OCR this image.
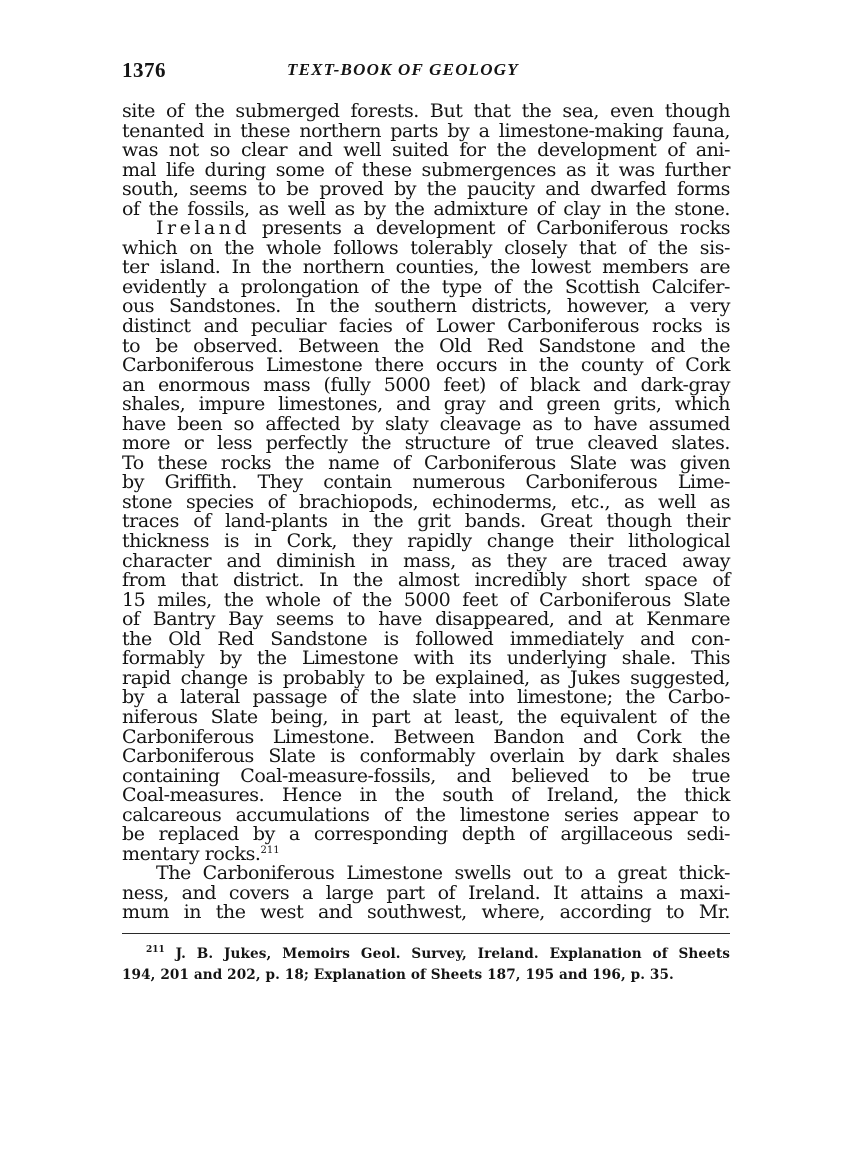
1376	TEXT-BOOK OF GEOLOGY

site of the submerged forests. But that the sea, even though

tenanted in these northern parts by a limestone-making fauna,

was not so clear and well suited for the development of ani-

mal life during some of these submergences as it was further

south, seems to be proved by the paucity and dwarfed forms

of the fossils, as well as by the admixture of clay in the stone.

Ireland presents a development of Carboniferous rocks

which on the whole follows tolerably closely that of the sis-

ter island. In the northern counties, the lowest members are

evidently a prolongation of the type of the Scottish Calcifer-

ous Sandstones. In the southern districts, however, a very

distinct and peculiar facies of Lower Carboniferous rocks is

to be observed. Between the Old Red Sandstone and the

Carboniferous Limestone there occurs in the county of Cork

an enormous mass (fully 5000 feet) of black and dark-gray

shales, impure limestones, and gray and green grits, which

have been so affected by slaty cleavage as to have assumed

more or less perfectly the structure of true cleaved slates.

To these rocks the name of Carboniferous Slate was given

by Griffith. They contain numerous Carboniferous Lime-

stone species of brachiopods, echinoderms, etc., as well as

traces of land-plants in the grit bands. Great though their

thickness is in Cork, they rapidly change their lithological

character and diminish in mass, as they are traced away

from that district. In the almost incredibly short space of

15 miles, the whole of the 5000 feet of Carboniferous Slate

of Bantry Bay seems to have disappeared, and at Kenmare

the Old Red Sandstone is followed immediately and con-

formably by the Limestone with its underlying shale. This

rapid change is probably to be explained, as Jukes suggested,

by a lateral passage of the slate into limestone; the Carbo-

niferous Slate being, in part at least, the equivalent of the

Carboniferous Limestone. Between Bandon and Cork the

Carboniferous Slate is conformably overlain by dark shales

containing Coal-measure-fossils, and believed to be true

Coal-measures. Hence in the south of Ireland, the thick

calcareous accumulations of the limestone series appear to

be replaced by a corresponding depth of argillaceous sedi-

mentary rocks.$^{211}$

The Carboniferous Limestone swells out to a great thick-

ness, and covers a large part of Ireland. It attains a maxi-

mum in the west and southwest, where, according to Mr.

$^{211}$ J. B. Jukes, Memoirs Geol. Survey, Ireland. Explanation of Sheets
194, 201 and 202, p. 18; Explanation of Sheets 187, 195 and 196, p. 35.
